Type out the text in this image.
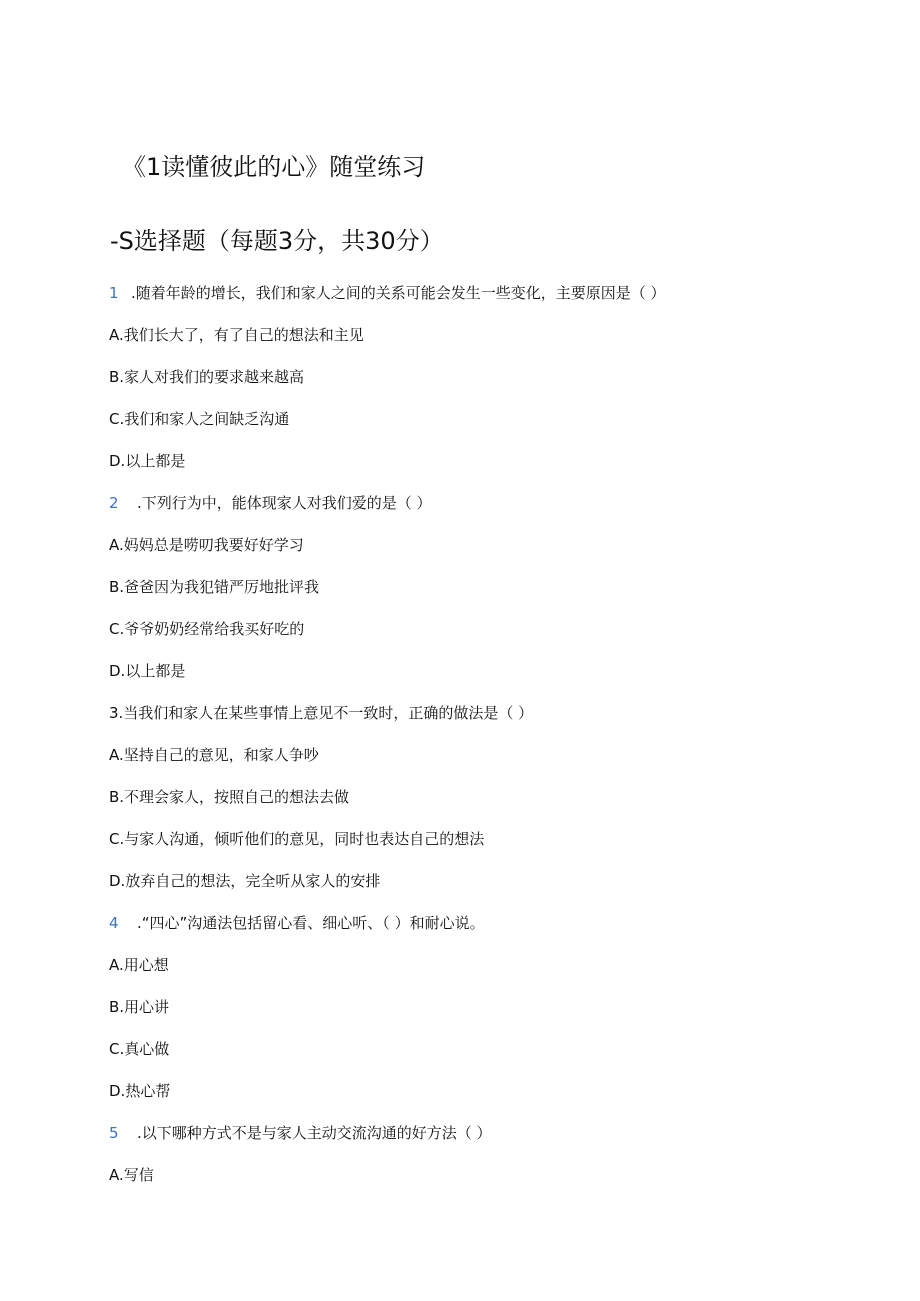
《1读懂彼此的心》随堂练习
-S选择题（每题3分，共30分）
1 .随着年龄的增长，我们和家人之间的关系可能会发生一些变化，主要原因是（ ）
A.我们长大了，有了自己的想法和主见
B.家人对我们的要求越来越高
C.我们和家人之间缺乏沟通
D.以上都是
2 .下列行为中，能体现家人对我们爱的是（ ）
A.妈妈总是唠叨我要好好学习
B.爸爸因为我犯错严厉地批评我
C.爷爷奶奶经常给我买好吃的
D.以上都是
3.当我们和家人在某些事情上意见不一致时，正确的做法是（ ）
A.坚持自己的意见，和家人争吵
B.不理会家人，按照自己的想法去做
C.与家人沟通，倾听他们的意见，同时也表达自己的想法
D.放弃自己的想法，完全听从家人的安排
4 .“四心”沟通法包括留心看、细心听、（ ）和耐心说。
A.用心想
B.用心讲
C.真心做
D.热心帮
5 .以下哪种方式不是与家人主动交流沟通的好方法（ ）
A.写信
